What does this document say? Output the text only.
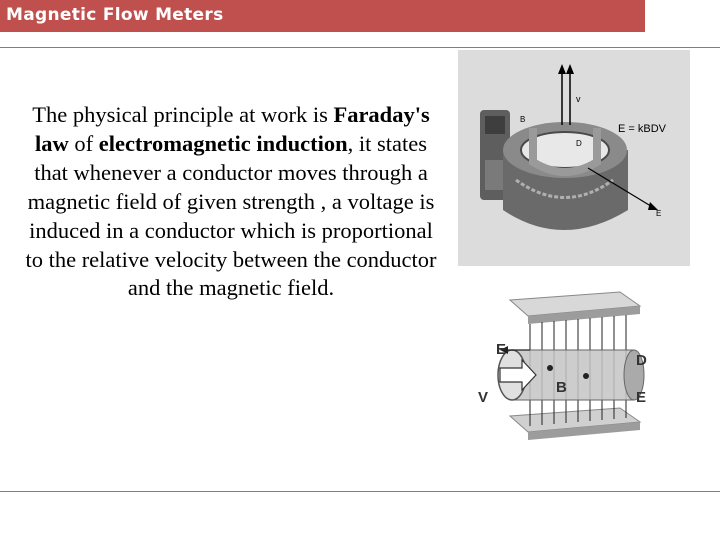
Magnetic Flow Meters
The physical principle at work is Faraday's law of electromagnetic induction, it states that whenever a conductor moves through a magnetic field of given strength , a voltage is induced in a conductor which is proportional to the relative velocity between the conductor and the magnetic field.
v
B
D
E
E = kBDV
E
D
V
B
E
